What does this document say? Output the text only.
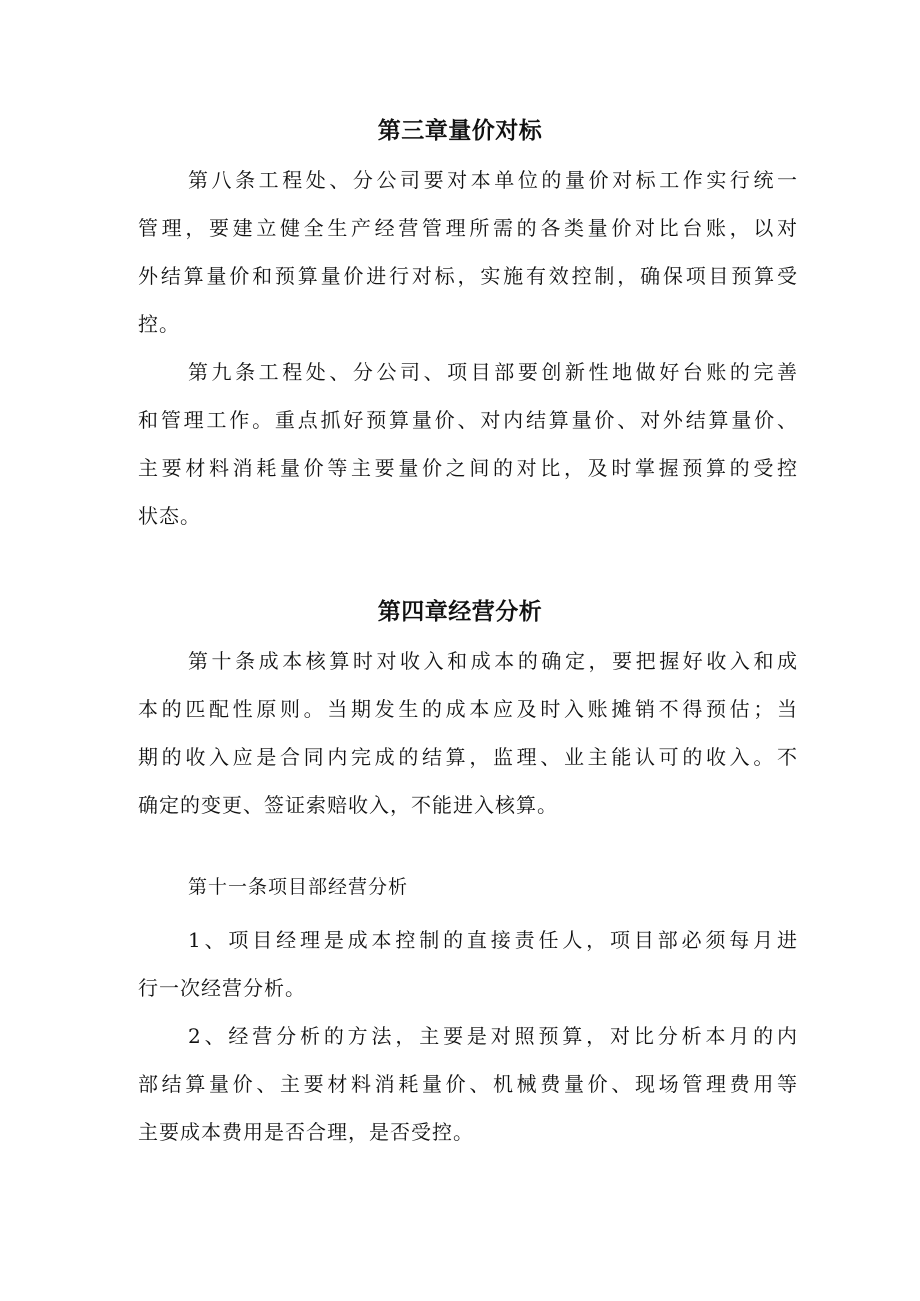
第三章量价对标

第八条工程处、分公司要对本单位的量价对标工作实行统一

管理，要建立健全生产经营管理所需的各类量价对比台账，以对

外结算量价和预算量价进行对标，实施有效控制，确保项目预算受

控。

第九条工程处、分公司、项目部要创新性地做好台账的完善

和管理工作。重点抓好预算量价、对内结算量价、对外结算量价、

主要材料消耗量价等主要量价之间的对比，及时掌握预算的受控

状态。

第四章经营分析

第十条成本核算时对收入和成本的确定，要把握好收入和成

本的匹配性原则。当期发生的成本应及时入账摊销不得预估；当

期的收入应是合同内完成的结算，监理、业主能认可的收入。不

确定的变更、签证索赔收入，不能进入核算。

第十一条项目部经营分析

1、项目经理是成本控制的直接责任人，项目部必须每月进

行一次经营分析。

2、经营分析的方法，主要是对照预算，对比分析本月的内

部结算量价、主要材料消耗量价、机械费量价、现场管理费用等

主要成本费用是否合理，是否受控。
